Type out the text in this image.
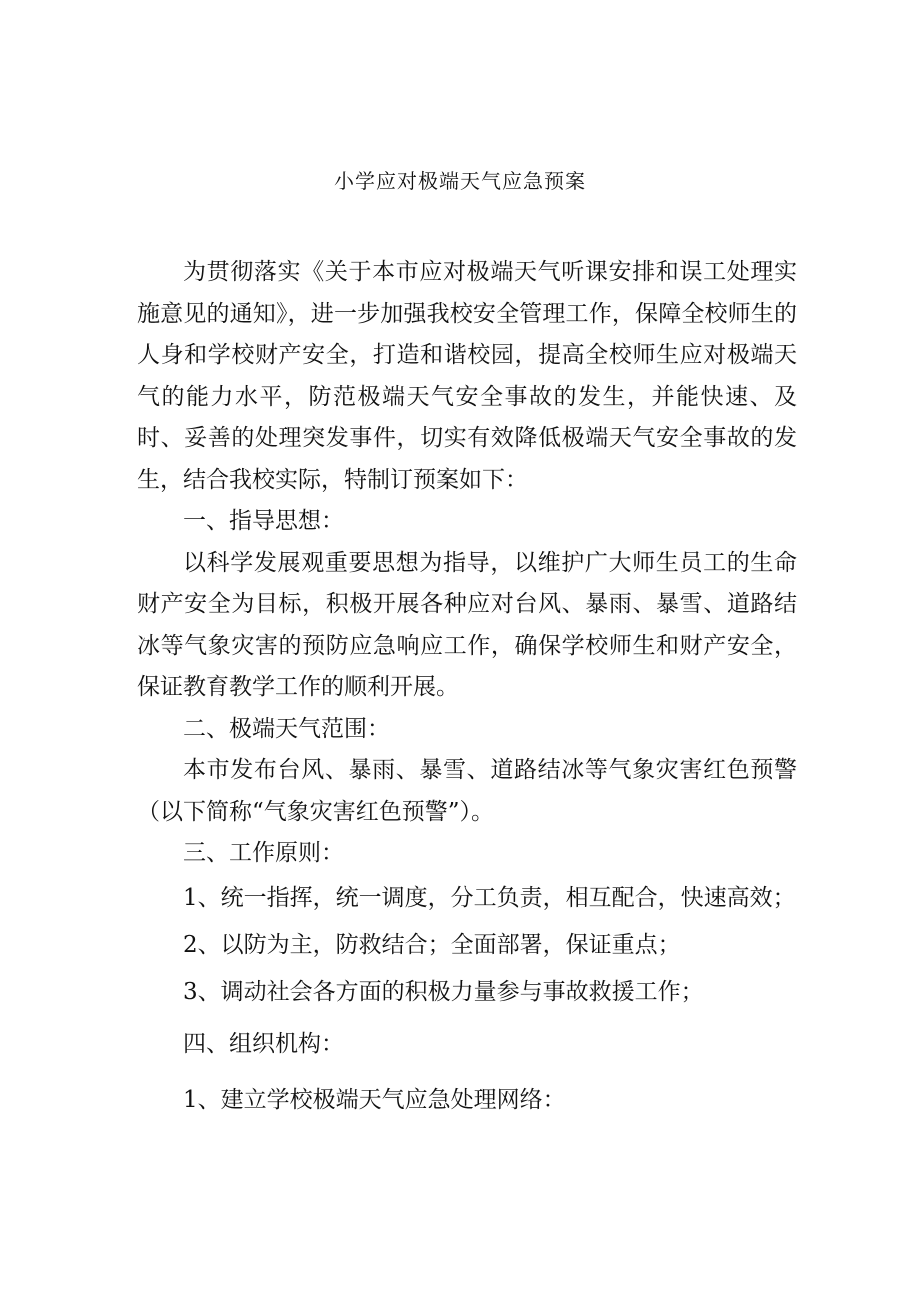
小学应对极端天气应急预案

为贯彻落实《关于本市应对极端天气听课安排和误工处理实施意见的通知》，进一步加强我校安全管理工作，保障全校师生的人身和学校财产安全，打造和谐校园，提高全校师生应对极端天气的能力水平，防范极端天气安全事故的发生，并能快速、及时、妥善的处理突发事件，切实有效降低极端天气安全事故的发生，结合我校实际，特制订预案如下：

一、指导思想：

以科学发展观重要思想为指导，以维护广大师生员工的生命财产安全为目标，积极开展各种应对台风、暴雨、暴雪、道路结冰等气象灾害的预防应急响应工作，确保学校师生和财产安全，保证教育教学工作的顺利开展。

二、极端天气范围：

本市发布台风、暴雨、暴雪、道路结冰等气象灾害红色预警（以下简称“气象灾害红色预警”）。

三、工作原则：

1、统一指挥，统一调度，分工负责，相互配合，快速高效；

2、以防为主，防救结合；全面部署，保证重点；

3、调动社会各方面的积极力量参与事故救援工作；

四、组织机构：

1、建立学校极端天气应急处理网络：
